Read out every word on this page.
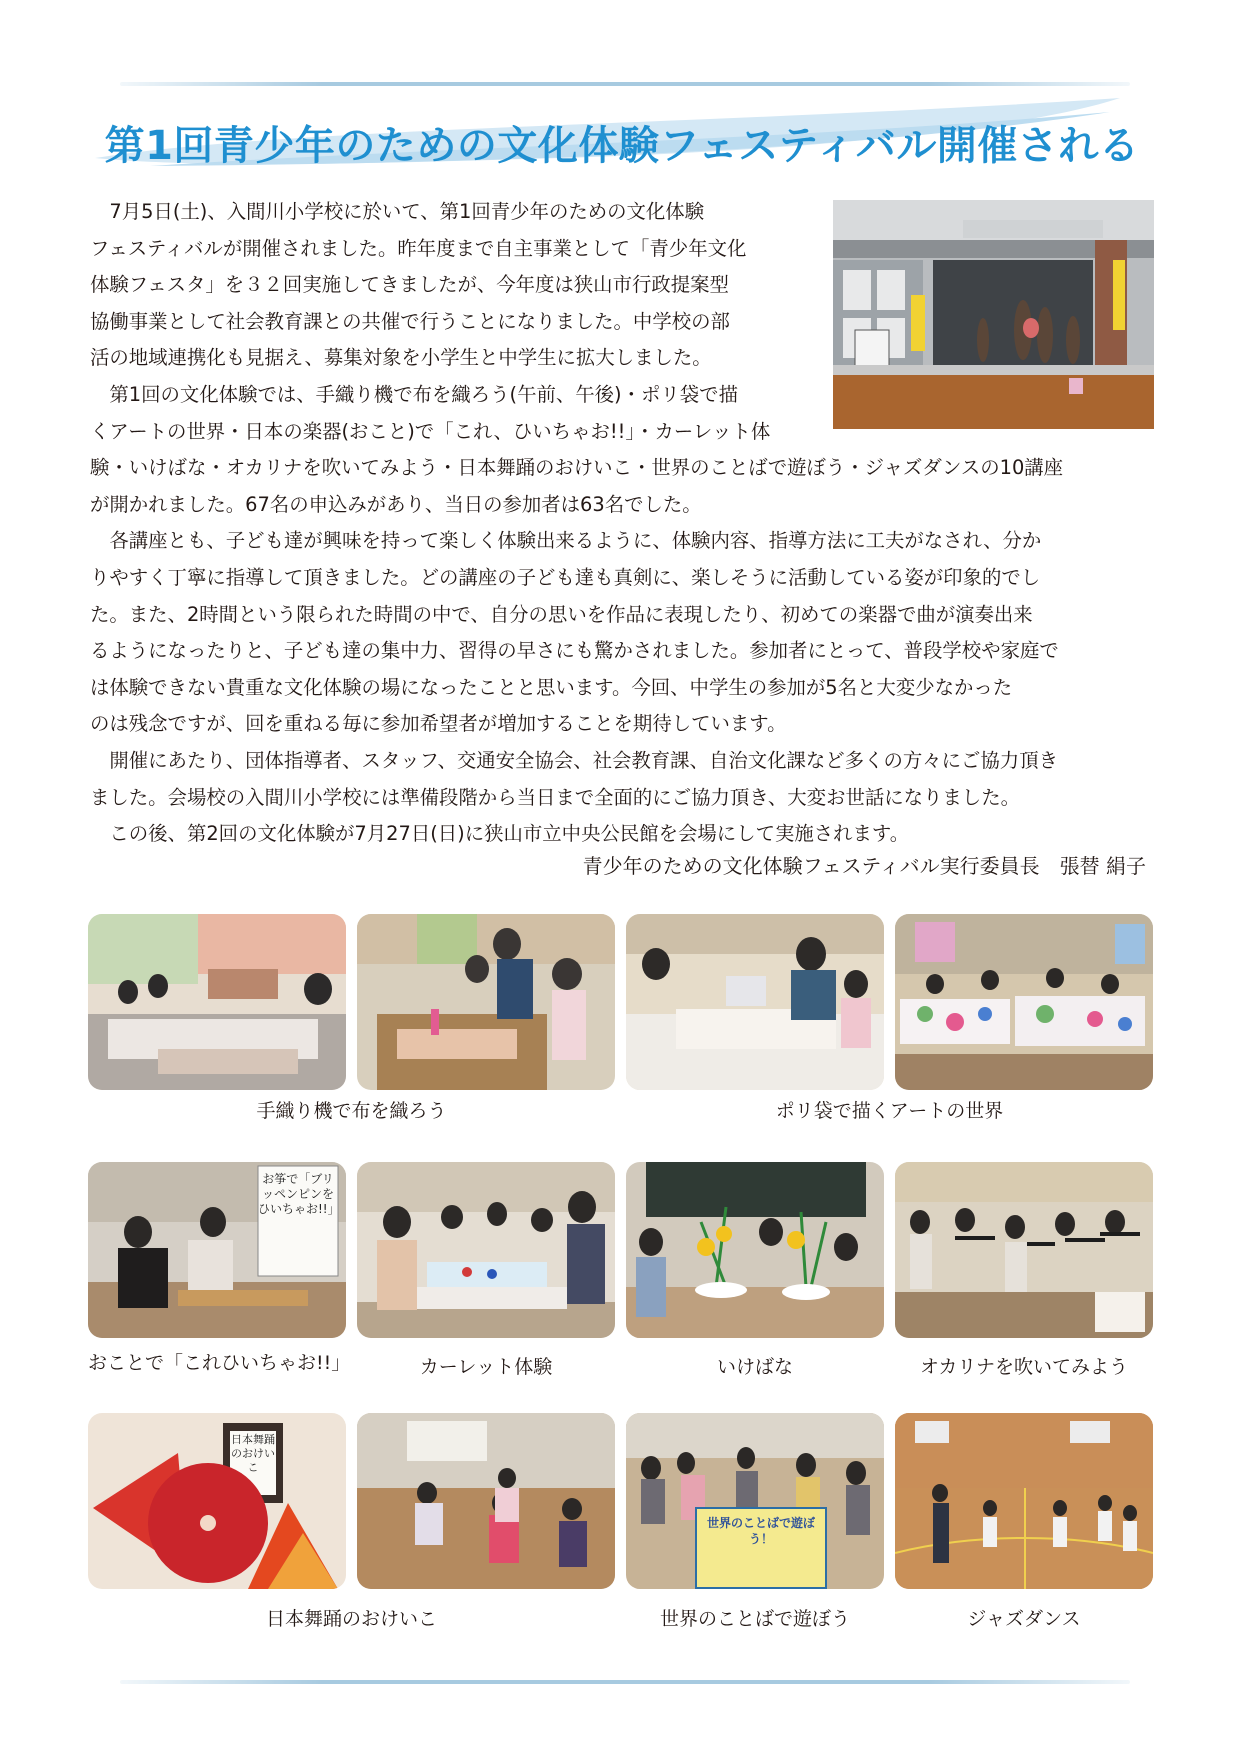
第1回青少年のための文化体験フェスティバル開催される

　7月5日(土)、入間川小学校に於いて、第1回青少年のための文化体験
フェスティバルが開催されました。昨年度まで自主事業として「青少年文化
体験フェスタ」を３２回実施してきましたが、今年度は狭山市行政提案型
協働事業として社会教育課との共催で行うことになりました。中学校の部
活の地域連携化も見据え、募集対象を小学生と中学生に拡大しました。

　第1回の文化体験では、手織り機で布を織ろう(午前、午後)・ポリ袋で描
くアートの世界・日本の楽器(おこと)で「これ、ひいちゃお!!」・カーレット体
験・いけばな・オカリナを吹いてみよう・日本舞踊のおけいこ・世界のことばで遊ぼう・ジャズダンスの10講座
が開かれました。67名の申込みがあり、当日の参加者は63名でした。

　各講座とも、子ども達が興味を持って楽しく体験出来るように、体験内容、指導方法に工夫がなされ、分か
りやすく丁寧に指導して頂きました。どの講座の子ども達も真剣に、楽しそうに活動している姿が印象的でし
た。また、2時間という限られた時間の中で、自分の思いを作品に表現したり、初めての楽器で曲が演奏出来
るようになったりと、子ども達の集中力、習得の早さにも驚かされました。参加者にとって、普段学校や家庭で
は体験できない貴重な文化体験の場になったことと思います。今回、中学生の参加が5名と大変少なかった
のは残念ですが、回を重ねる毎に参加希望者が増加することを期待しています。

　開催にあたり、団体指導者、スタッフ、交通安全協会、社会教育課、自治文化課など多くの方々にご協力頂き
ました。会場校の入間川小学校には準備段階から当日まで全面的にご協力頂き、大変お世話になりました。

　この後、第2回の文化体験が7月27日(日)に狭山市立中央公民館を会場にして実施されます。

青少年のための文化体験フェスティバル実行委員長　張替 絹子
手織り機で布を織ろう	ポリ袋で描くアートの世界
お筝で「ブリッペンピンをひいちゃお!!」
おことで「これひいちゃお!!」	カーレット体験	いけばな	オカリナを吹いてみよう
日本舞踊のおけいこ
世界のことばで遊ぼう！
日本舞踊のおけいこ	世界のことばで遊ぼう	ジャズダンス
